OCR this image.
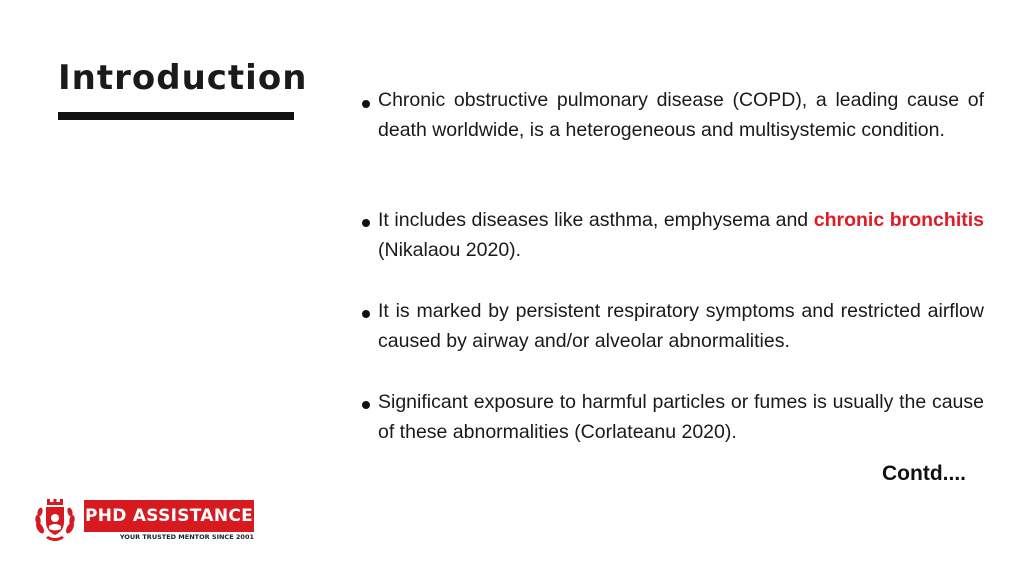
Introduction

Chronic obstructive pulmonary disease (COPD), a leading cause of death worldwide, is a heterogeneous and multisystemic condition.

It includes diseases like asthma, emphysema and chronic bronchitis (Nikalaou 2020).

It is marked by persistent respiratory symptoms and restricted airflow caused by airway and/or alveolar abnormalities.

Significant exposure to harmful particles or fumes is usually the cause of these abnormalities (Corlateanu 2020).

Contd....
PHD ASSISTANCE
YOUR TRUSTED MENTOR SINCE 2001
